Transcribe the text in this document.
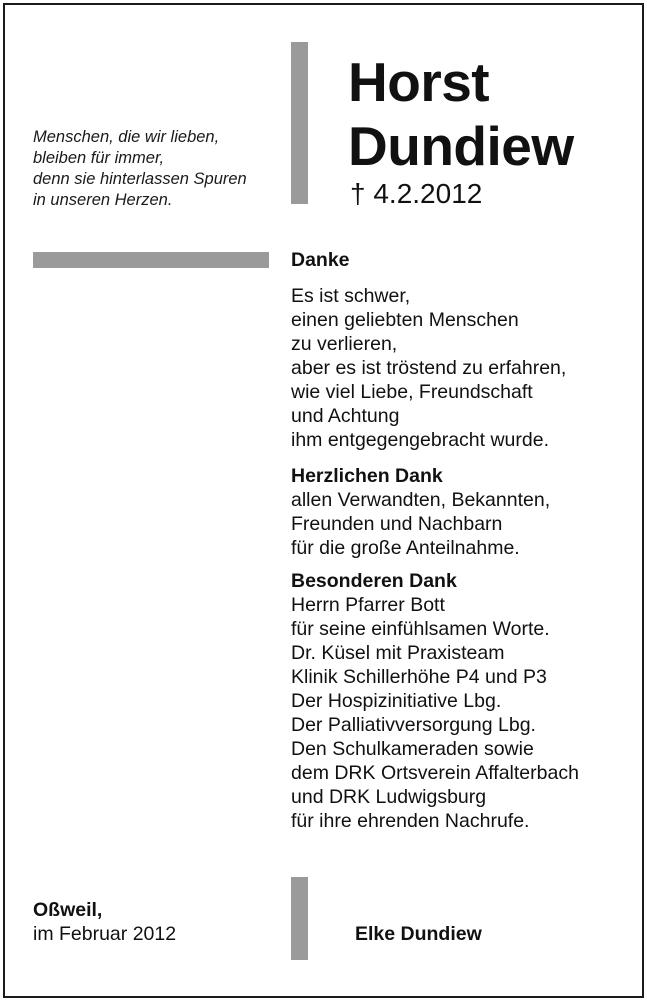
Menschen, die wir lieben,
bleiben für immer,
denn sie hinterlassen Spuren
in unseren Herzen.
Horst
Dundiew
† 4.2.2012
Danke
Es ist schwer,
einen geliebten Menschen
zu verlieren,
aber es ist tröstend zu erfahren,
wie viel Liebe, Freundschaft
und Achtung
ihm entgegengebracht wurde.
Herzlichen Dank
allen Verwandten, Bekannten,
Freunden und Nachbarn
für die große Anteilnahme.
Besonderen Dank
Herrn Pfarrer Bott
für seine einfühlsamen Worte.
Dr. Küsel mit Praxisteam
Klinik Schillerhöhe P4 und P3
Der Hospizinitiative Lbg.
Der Palliativversorgung Lbg.
Den Schulkameraden sowie
dem DRK Ortsverein Affalterbach
und DRK Ludwigsburg
für ihre ehrenden Nachrufe.
Oßweil,
im Februar 2012	Elke Dundiew
